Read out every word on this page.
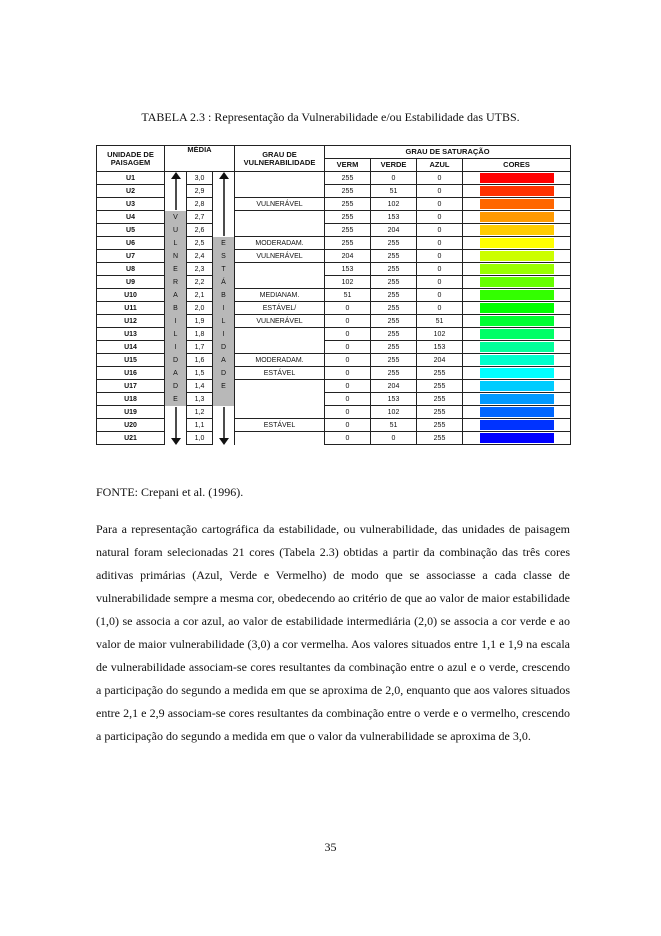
TABELA 2.3 : Representação da Vulnerabilidade e/ou Estabilidade das UTBS.
UNIDADE DE PAISAGEM	MÉDIA			GRAU DE VULNERABILIDADE	GRAU DE SATURAÇÃO			
					VERM	VERDE	AZUL	CORES
U1		3,0			255	0	0	

U2		2,9			255	51	0	

U3		2,8		VULNERÁVEL	255	102	0	

U4	V	2,7			255	153	0	

U5	U	2,6			255	204	0	

U6	L	2,5	E	MODERADAM.	255	255	0	

U7	N	2,4	S	VULNERÁVEL	204	255	0	

U8	E	2,3	T		153	255	0	

U9	R	2,2	Á		102	255	0	

U10	A	2,1	B	MEDIANAM.	51	255	0	

U11	B	2,0	I	ESTÁVEL/	0	255	0	

U12	I	1,9	L	VULNERÁVEL	0	255	51	

U13	L	1,8	I		0	255	102	

U14	I	1,7	D		0	255	153	

U15	D	1,6	A	MODERADAM.	0	255	204	

U16	A	1,5	D	ESTÁVEL	0	255	255	

U17	D	1,4	E		0	204	255	

U18	E	1,3			0	153	255	

U19		1,2			0	102	255	

U20		1,1		ESTÁVEL	0	51	255	

U21		1,0			0	0	255	
FONTE: Crepani et al. (1996).

Para a representação cartográfica da estabilidade, ou vulnerabilidade, das unidades de paisagem natural foram selecionadas 21 cores (Tabela 2.3) obtidas a partir da combinação das três cores aditivas primárias (Azul, Verde e Vermelho) de modo que se associasse a cada classe de vulnerabilidade sempre a mesma cor, obedecendo ao critério de que ao valor de maior estabilidade (1,0) se associa a cor azul, ao valor de estabilidade intermediária (2,0) se associa a cor verde e ao valor de maior vulnerabilidade (3,0) a cor vermelha. Aos valores situados entre 1,1 e 1,9 na escala de vulnerabilidade associam-se cores resultantes da combinação entre o azul e o verde, crescendo a participação do segundo a medida em que se aproxima de 2,0, enquanto que aos valores situados entre 2,1 e 2,9 associam-se cores resultantes da combinação entre o verde e o vermelho, crescendo a participação do segundo a medida em que o valor da vulnerabilidade se aproxima de 3,0.

35
